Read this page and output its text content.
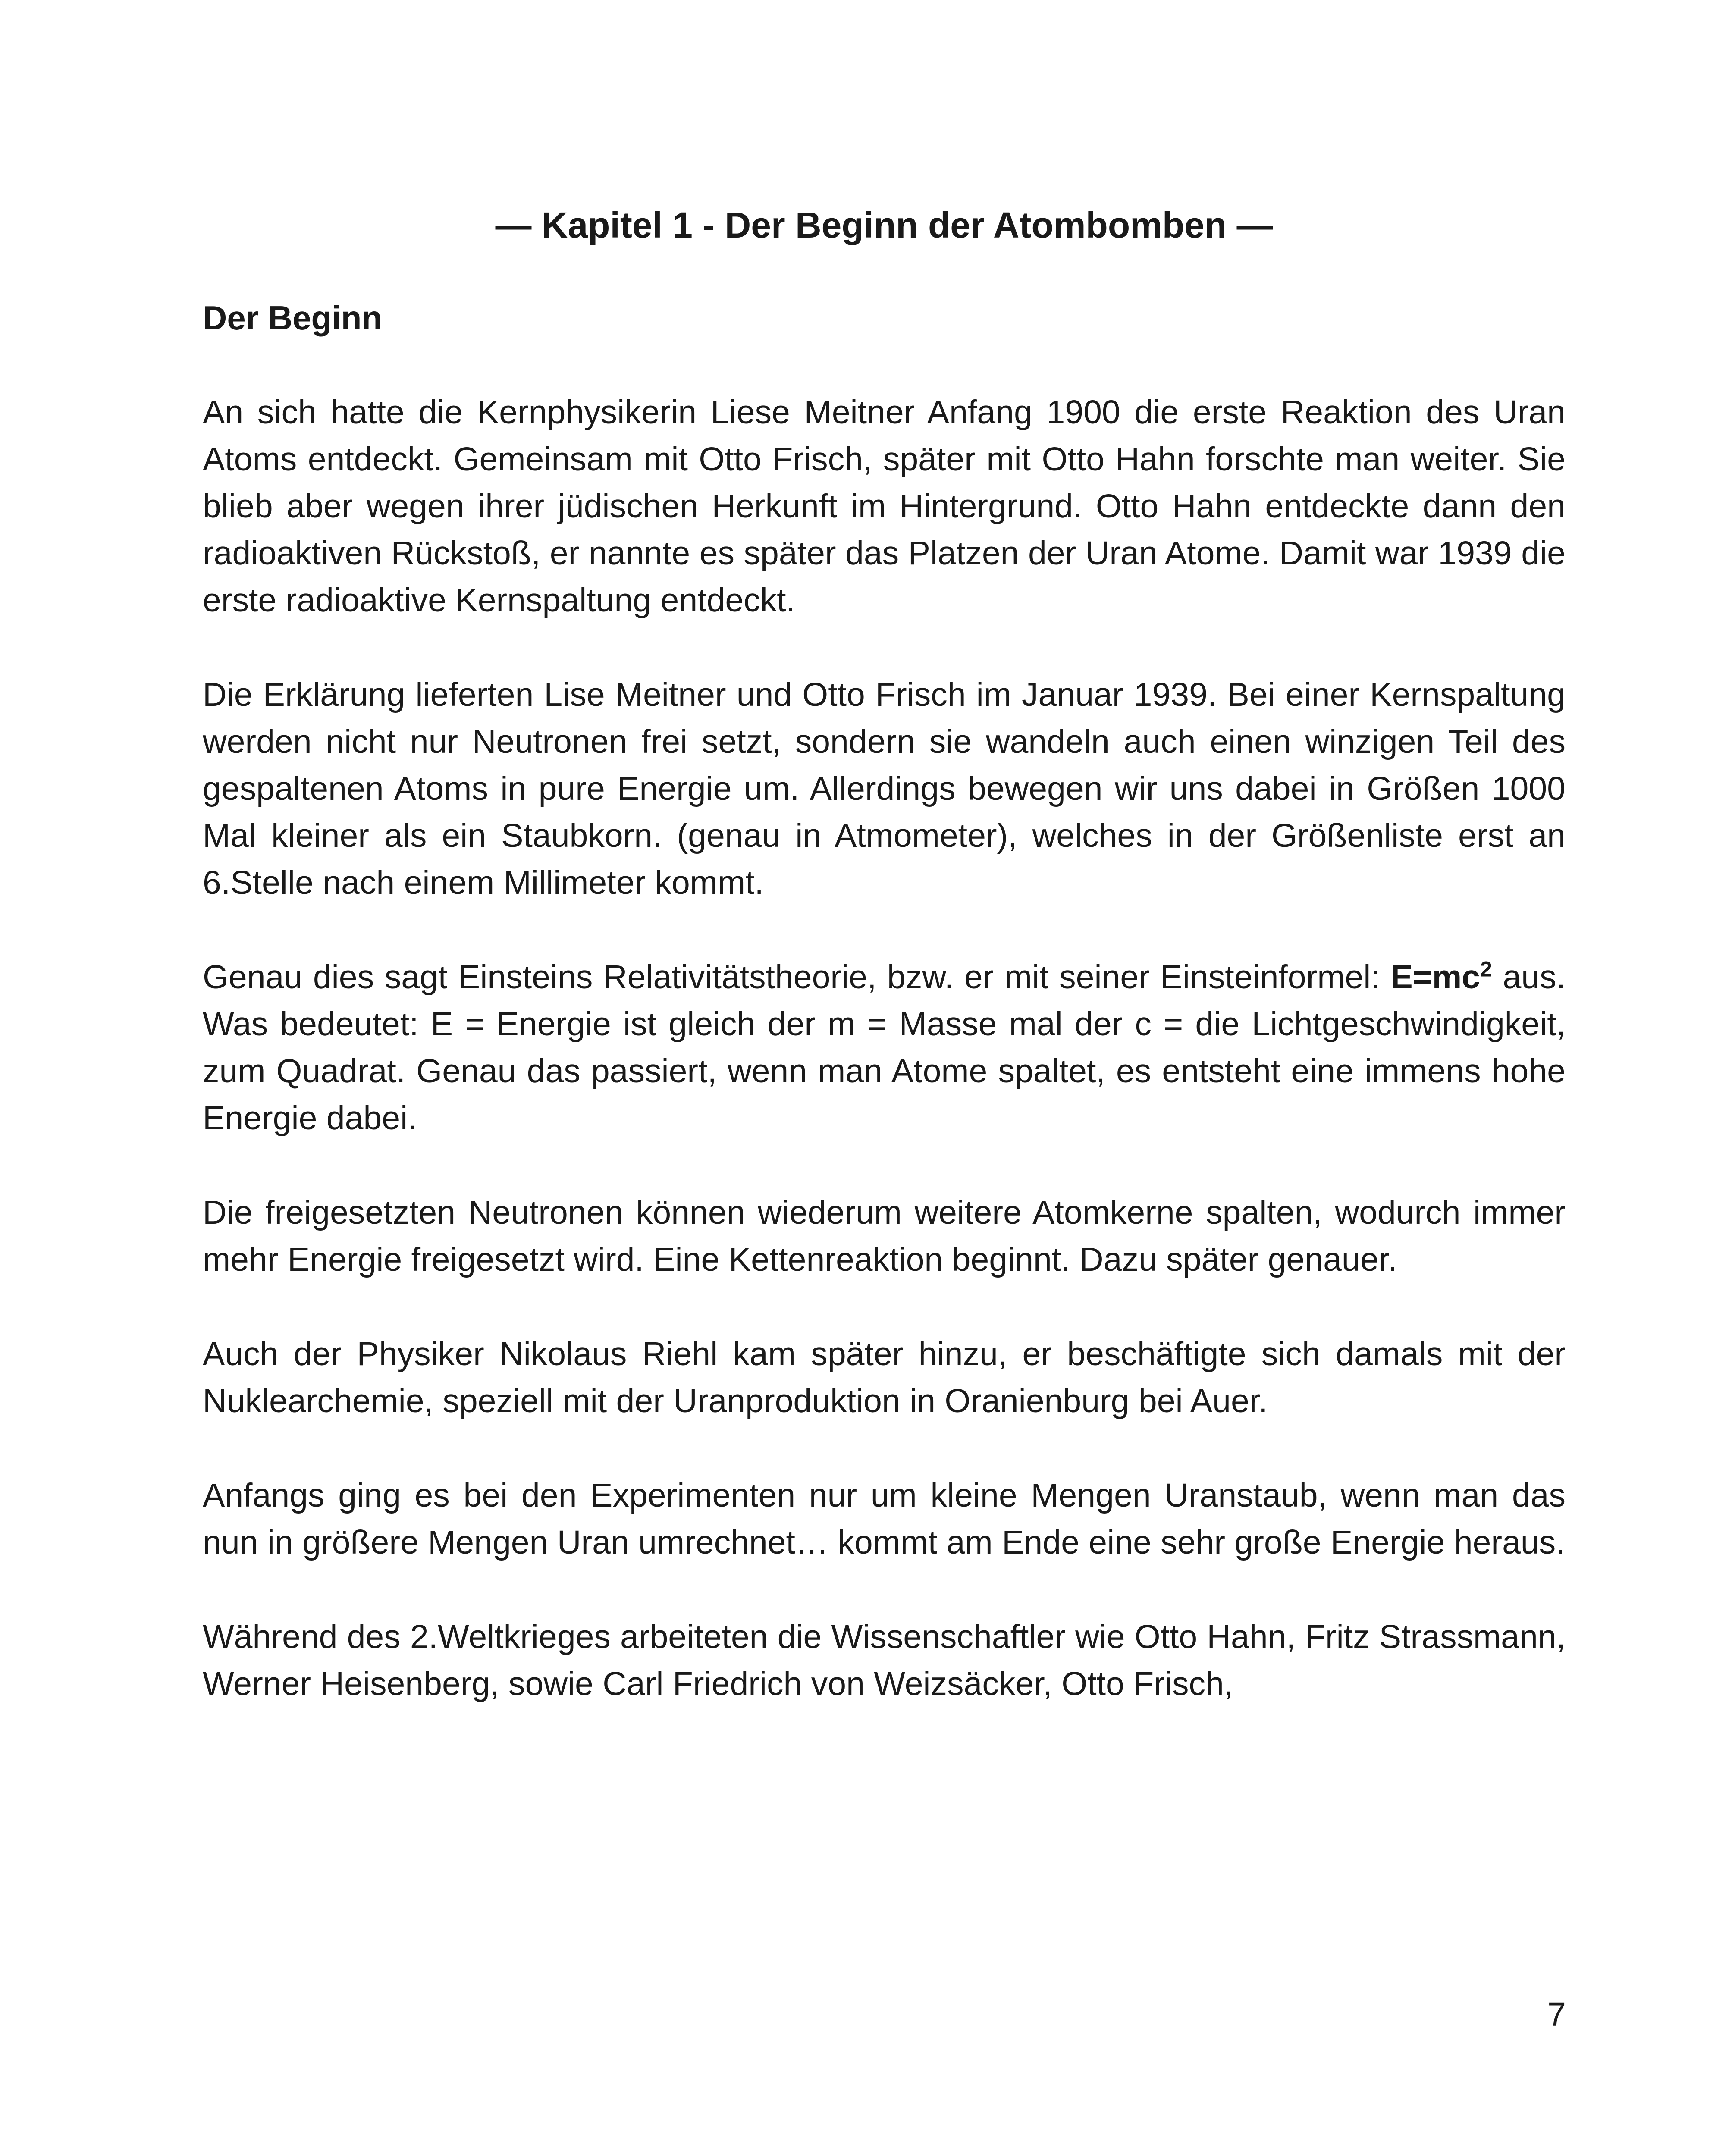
— Kapitel 1 - Der Beginn der Atombomben —
Der Beginn

An sich hatte die Kernphysikerin Liese Meitner Anfang 1900 die erste Reaktion des Uran Atoms entdeckt. Gemeinsam mit Otto Frisch, später mit Otto Hahn forschte man weiter. Sie blieb aber wegen ihrer jüdischen Herkunft im Hintergrund. Otto Hahn entdeckte dann den radioaktiven Rückstoß, er nannte es später das Platzen der Uran Atome. Damit war 1939 die erste radioaktive Kernspaltung entdeckt.

Die Erklärung lieferten Lise Meitner und Otto Frisch im Januar 1939. Bei einer Kernspaltung werden nicht nur Neutronen frei setzt, sondern sie wandeln auch einen winzigen Teil des gespaltenen Atoms in pure Energie um. Allerdings bewegen wir uns dabei in Größen 1000 Mal kleiner als ein Staubkorn. (genau in Atmometer), welches in der Größenliste erst an 6.Stelle nach einem Millimeter kommt.

Genau dies sagt Einsteins Relativitätstheorie, bzw. er mit seiner Einsteinformel: $E=mc^2$ aus. Was bedeutet: E = Energie ist gleich der m = Masse mal der c = die Lichtgeschwindigkeit, zum Quadrat. Genau das passiert, wenn man Atome spaltet, es entsteht eine immens hohe Energie dabei.

Die freigesetzten Neutronen können wiederum weitere Atomkerne spalten, wodurch immer mehr Energie freigesetzt wird. Eine Kettenreaktion beginnt. Dazu später genauer.

Auch der Physiker Nikolaus Riehl kam später hinzu, er beschäftigte sich damals mit der Nuklearchemie, speziell mit der Uranproduktion in Oranienburg bei Auer.

Anfangs ging es bei den Experimenten nur um kleine Mengen Uranstaub, wenn man das nun in größere Mengen Uran umrechnet… kommt am Ende eine sehr große Energie heraus.

Während des 2.Weltkrieges arbeiteten die Wissenschaftler wie Otto Hahn, Fritz Strassmann, Werner Heisenberg, sowie Carl Friedrich von Weizsäcker, Otto Frisch,

7
